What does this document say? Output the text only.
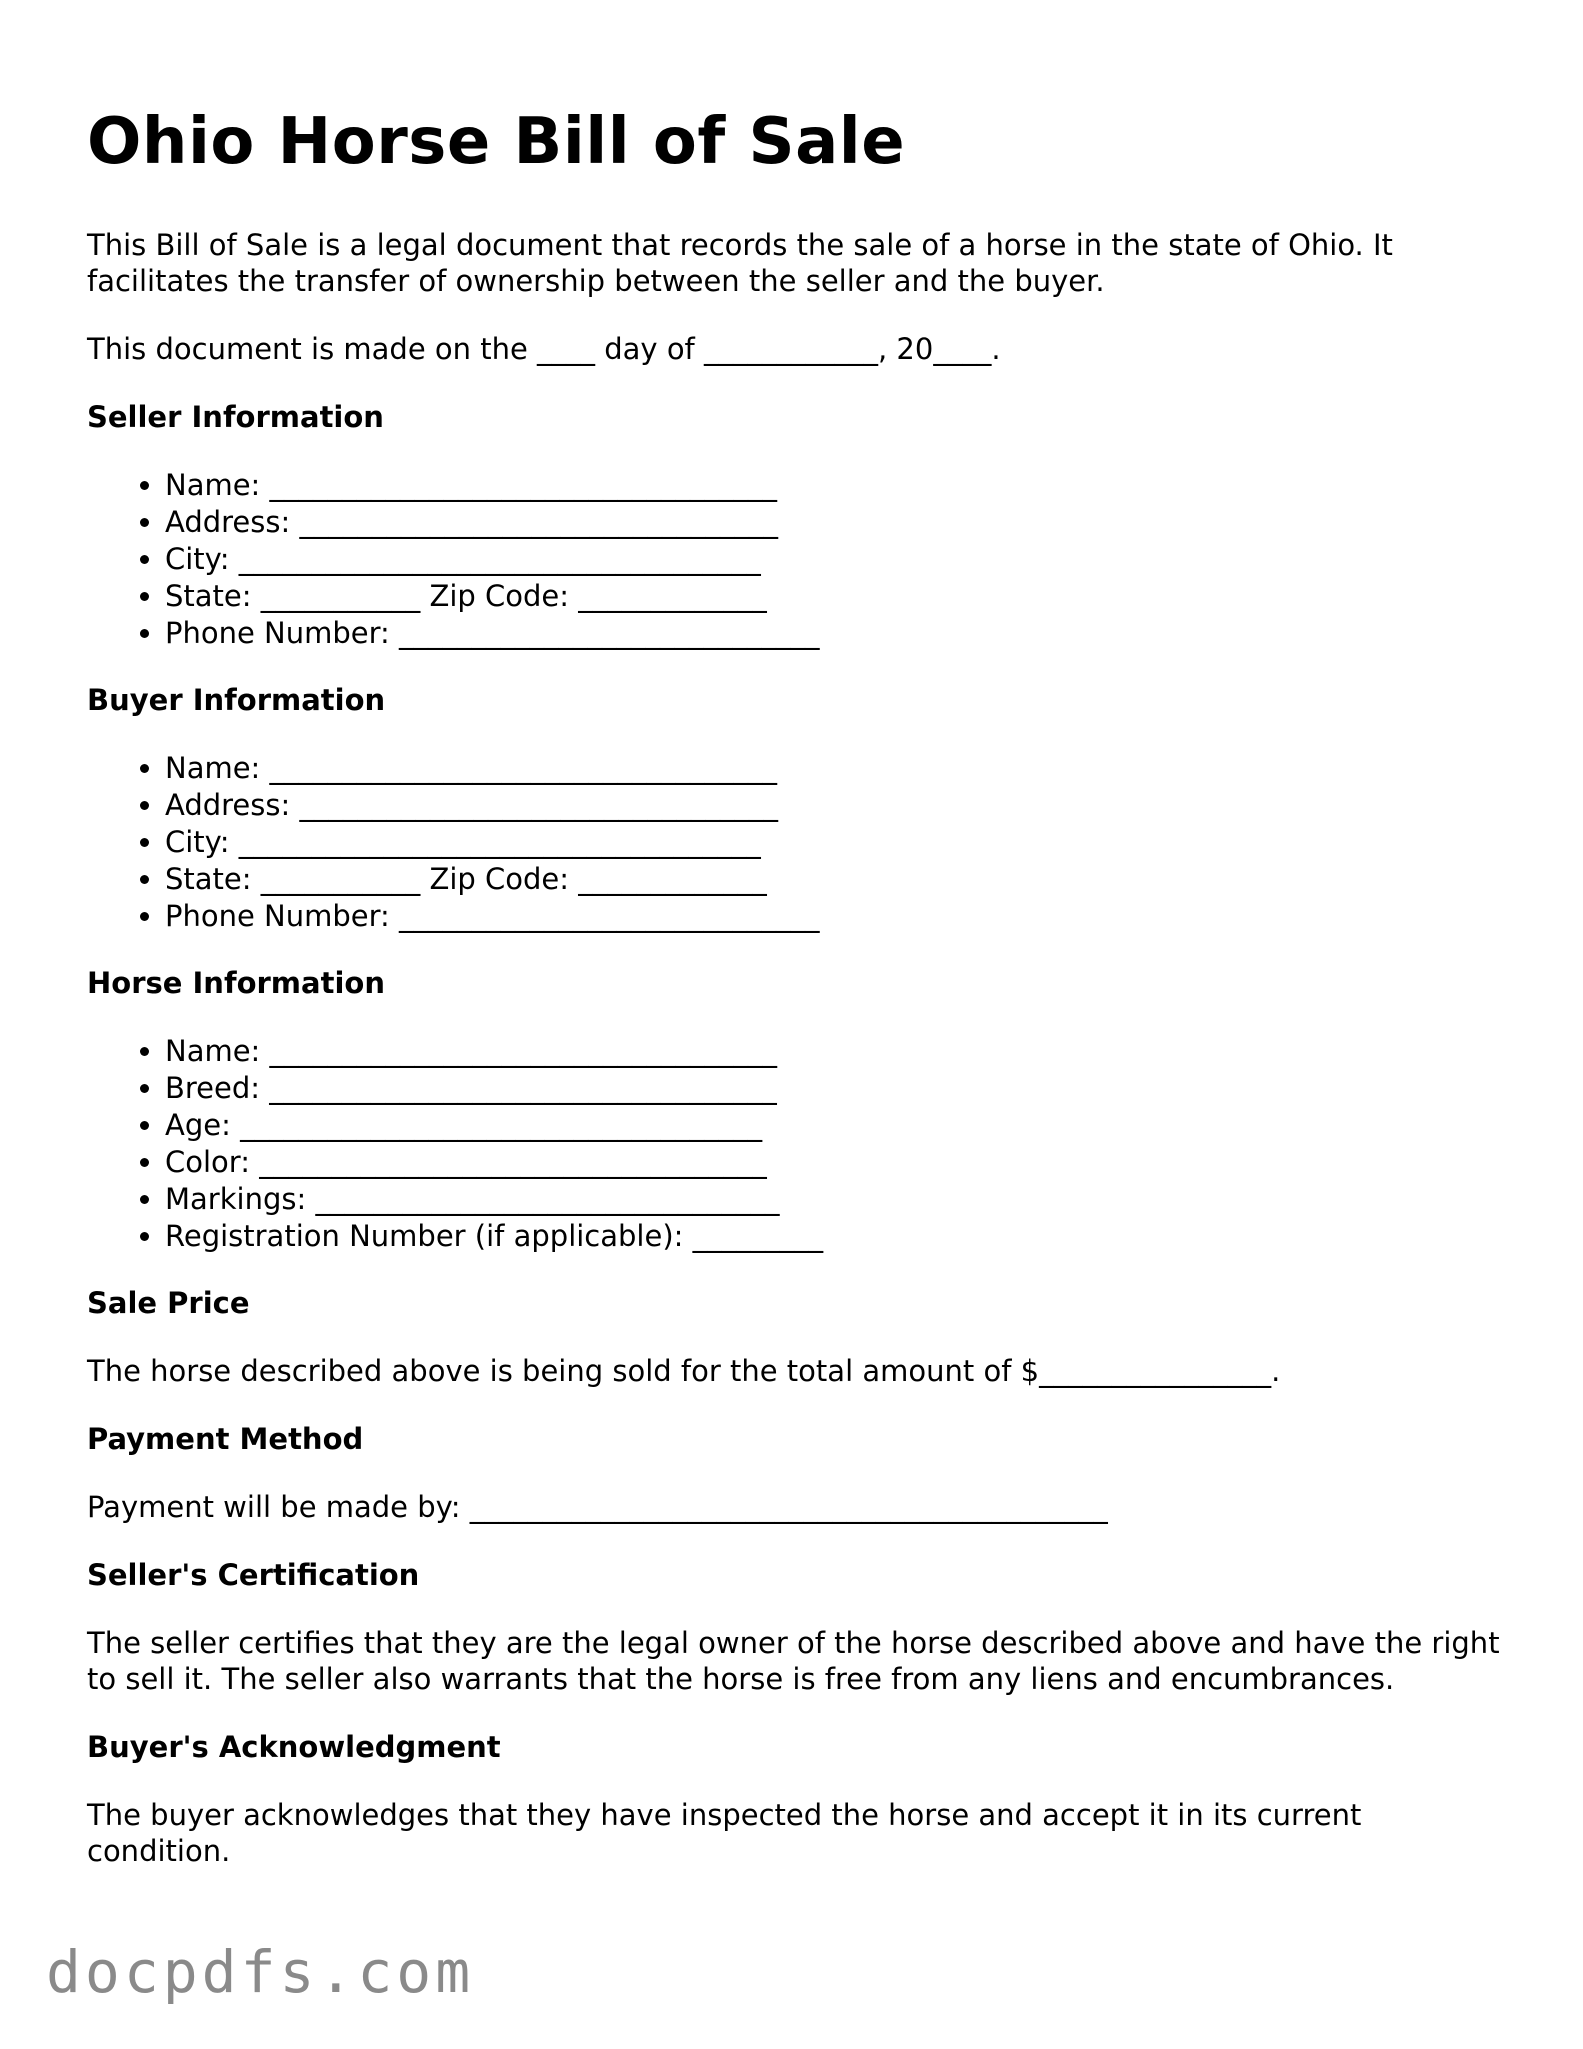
Ohio Horse Bill of Sale

This Bill of Sale is a legal document that records the sale of a horse in the state of Ohio. It facilitates the transfer of ownership between the seller and the buyer.

This document is made on the ____ day of ____________, 20____.

Seller Information
• Name: ___________________________________
• Address: _________________________________
• City: ____________________________________
• State: ___________ Zip Code: _____________
• Phone Number: _____________________________
Buyer Information
• Name: ___________________________________
• Address: _________________________________
• City: ____________________________________
• State: ___________ Zip Code: _____________
• Phone Number: _____________________________
Horse Information
• Name: ___________________________________
• Breed: ___________________________________
• Age: ____________________________________
• Color: ___________________________________
• Markings: ________________________________
• Registration Number (if applicable): _________
Sale Price

The horse described above is being sold for the total amount of $________________.

Payment Method

Payment will be made by: ____________________________________________

Seller's Certification

The seller certifies that they are the legal owner of the horse described above and have the right to sell it. The seller also warrants that the horse is free from any liens and encumbrances.

Buyer's Acknowledgment

The buyer acknowledges that they have inspected the horse and accept it in its current condition.

docpdfs.com
